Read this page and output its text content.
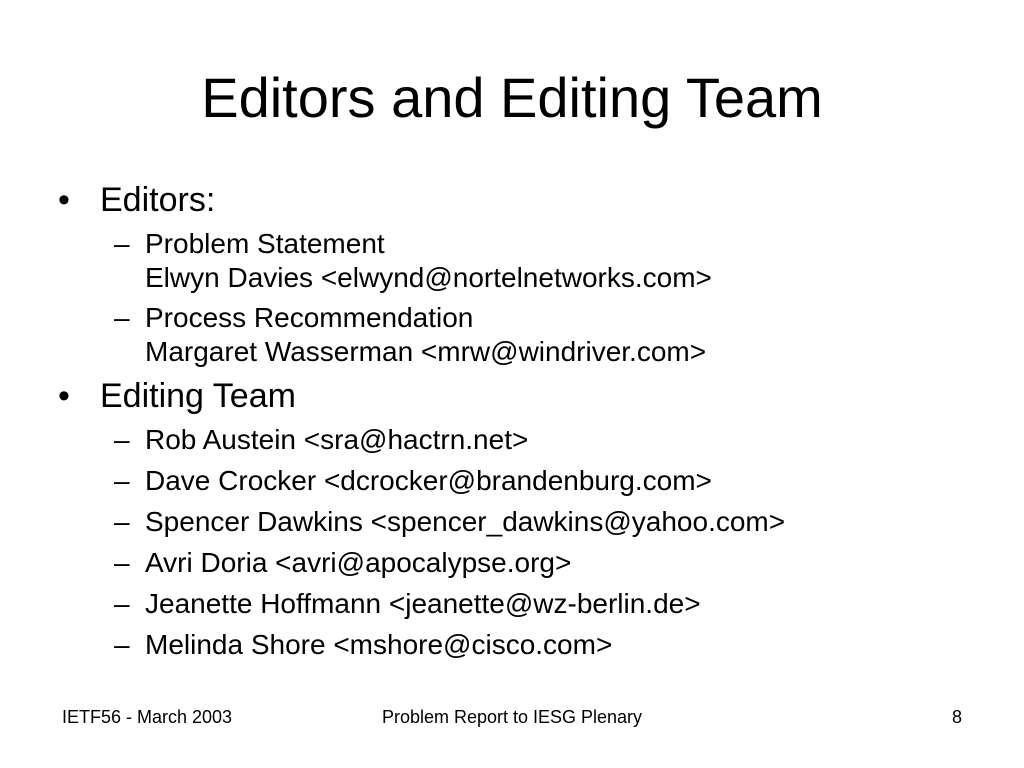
Editors and Editing Team
• Editors:
– Problem Statement
Elwyn Davies <elwynd@nortelnetworks.com>
– Process Recommendation
Margaret Wasserman <mrw@windriver.com>
• Editing Team
– Rob Austein <sra@hactrn.net>
– Dave Crocker <dcrocker@brandenburg.com>
– Spencer Dawkins <spencer_dawkins@yahoo.com>
– Avri Doria <avri@apocalypse.org>
– Jeanette Hoffmann <jeanette@wz-berlin.de>
– Melinda Shore <mshore@cisco.com>
IETF56 - March 2003	Problem Report to IESG Plenary	8
